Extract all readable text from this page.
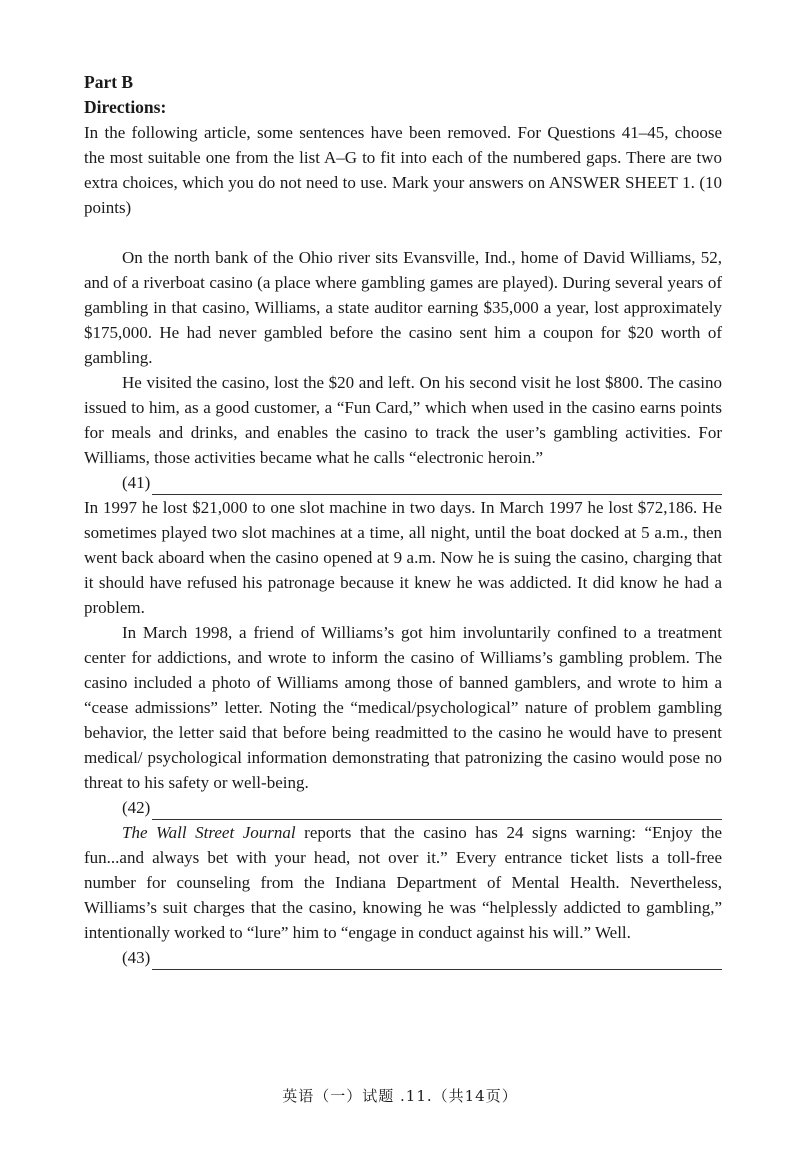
Part B

Directions:

In the following article, some sentences have been removed. For Questions 41–45, choose the most suitable one from the list A–G to fit into each of the numbered gaps. There are two extra choices, which you do not need to use. Mark your answers on ANSWER SHEET 1. (10 points)

On the north bank of the Ohio river sits Evansville, Ind., home of David Williams, 52, and of a riverboat casino (a place where gambling games are played). During several years of gambling in that casino, Williams, a state auditor earning $35,000 a year, lost approximately $175,000. He had never gambled before the casino sent him a coupon for $20 worth of gambling.

He visited the casino, lost the $20 and left. On his second visit he lost $800. The casino issued to him, as a good customer, a “Fun Card,” which when used in the casino earns points for meals and drinks, and enables the casino to track the user’s gambling activities. For Williams, those activities became what he calls “electronic heroin.”

(41)

In 1997 he lost $21,000 to one slot machine in two days. In March 1997 he lost $72,186. He sometimes played two slot machines at a time, all night, until the boat docked at 5 a.m., then went back aboard when the casino opened at 9 a.m. Now he is suing the casino, charging that it should have refused his patronage because it knew he was addicted. It did know he had a problem.

In March 1998, a friend of Williams’s got him involuntarily confined to a treatment center for addictions, and wrote to inform the casino of Williams’s gambling problem. The casino included a photo of Williams among those of banned gamblers, and wrote to him a “cease admissions” letter. Noting the “medical/psychological” nature of problem gambling behavior, the letter said that before being readmitted to the casino he would have to present medical/ psychological information demonstrating that patronizing the casino would pose no threat to his safety or well-being.

(42)

The Wall Street Journal reports that the casino has 24 signs warning: “Enjoy the fun...and always bet with your head, not over it.” Every entrance ticket lists a toll-free number for counseling from the Indiana Department of Mental Health. Nevertheless, Williams’s suit charges that the casino, knowing he was “helplessly addicted to gambling,” intentionally worked to “lure” him to “engage in conduct against his will.” Well.

(43)
英语（一）试题 .11.（共14页）
